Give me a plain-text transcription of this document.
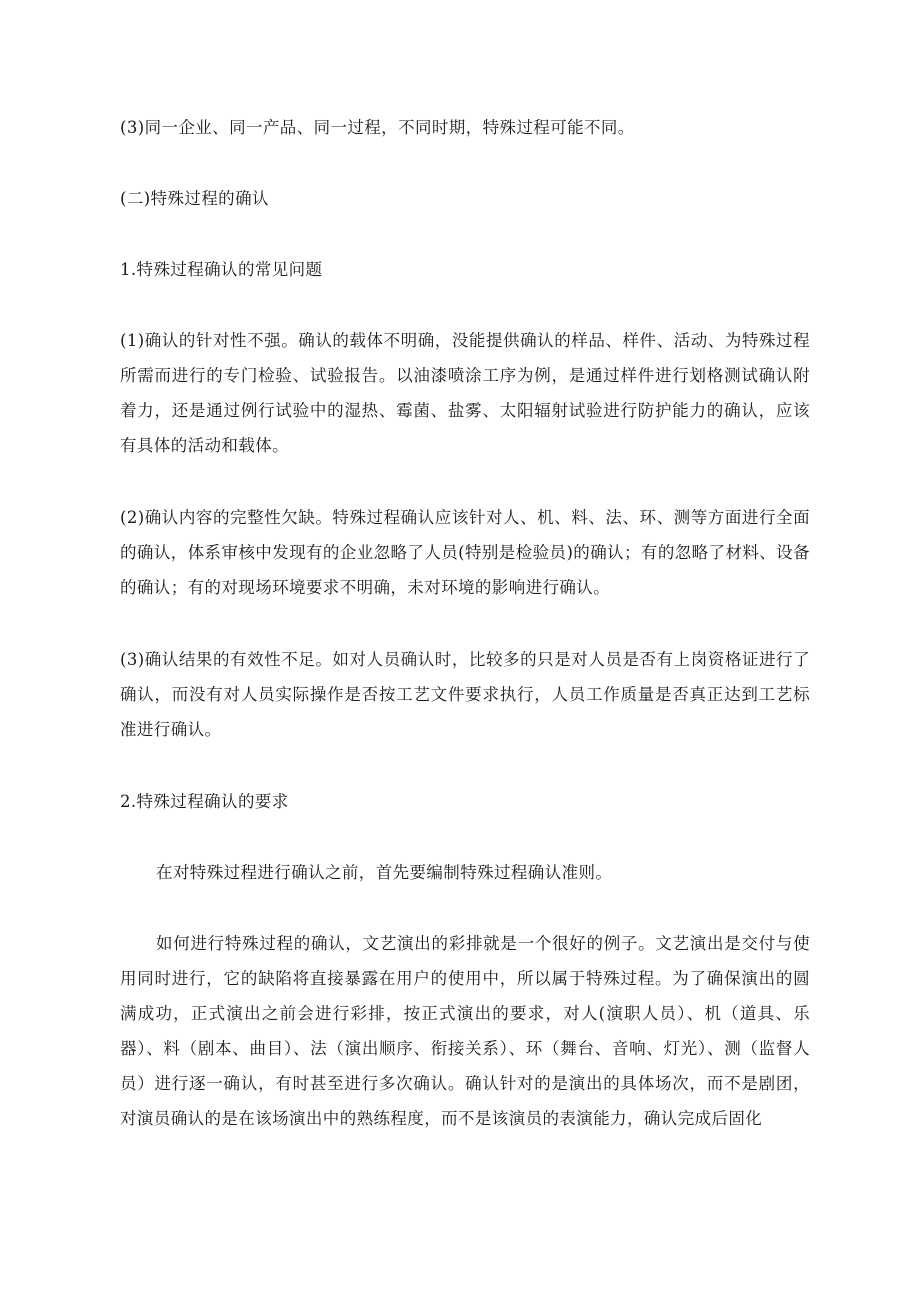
(3)同一企业、同一产品、同一过程，不同时期，特殊过程可能不同。

(二)特殊过程的确认

1.特殊过程确认的常见问题

(1)确认的针对性不强。确认的载体不明确，没能提供确认的样品、样件、活动、为特殊过程所需而进行的专门检验、试验报告。以油漆喷涂工序为例，是通过样件进行划格测试确认附着力，还是通过例行试验中的湿热、霉菌、盐雾、太阳辐射试验进行防护能力的确认，应该有具体的活动和载体。

(2)确认内容的完整性欠缺。特殊过程确认应该针对人、机、料、法、环、测等方面进行全面的确认，体系审核中发现有的企业忽略了人员(特别是检验员)的确认；有的忽略了材料、设备的确认；有的对现场环境要求不明确，未对环境的影响进行确认。

(3)确认结果的有效性不足。如对人员确认时，比较多的只是对人员是否有上岗资格证进行了确认，而没有对人员实际操作是否按工艺文件要求执行，人员工作质量是否真正达到工艺标准进行确认。

2.特殊过程确认的要求

在对特殊过程进行确认之前，首先要编制特殊过程确认准则。

如何进行特殊过程的确认，文艺演出的彩排就是一个很好的例子。文艺演出是交付与使用同时进行，它的缺陷将直接暴露在用户的使用中，所以属于特殊过程。为了确保演出的圆满成功，正式演出之前会进行彩排，按正式演出的要求，对人(演职人员）、机（道具、乐器）、料（剧本、曲目）、法（演出顺序、衔接关系）、环（舞台、音响、灯光）、测（监督人员）进行逐一确认，有时甚至进行多次确认。确认针对的是演出的具体场次，而不是剧团，对演员确认的是在该场演出中的熟练程度，而不是该演员的表演能力，确认完成后固化
